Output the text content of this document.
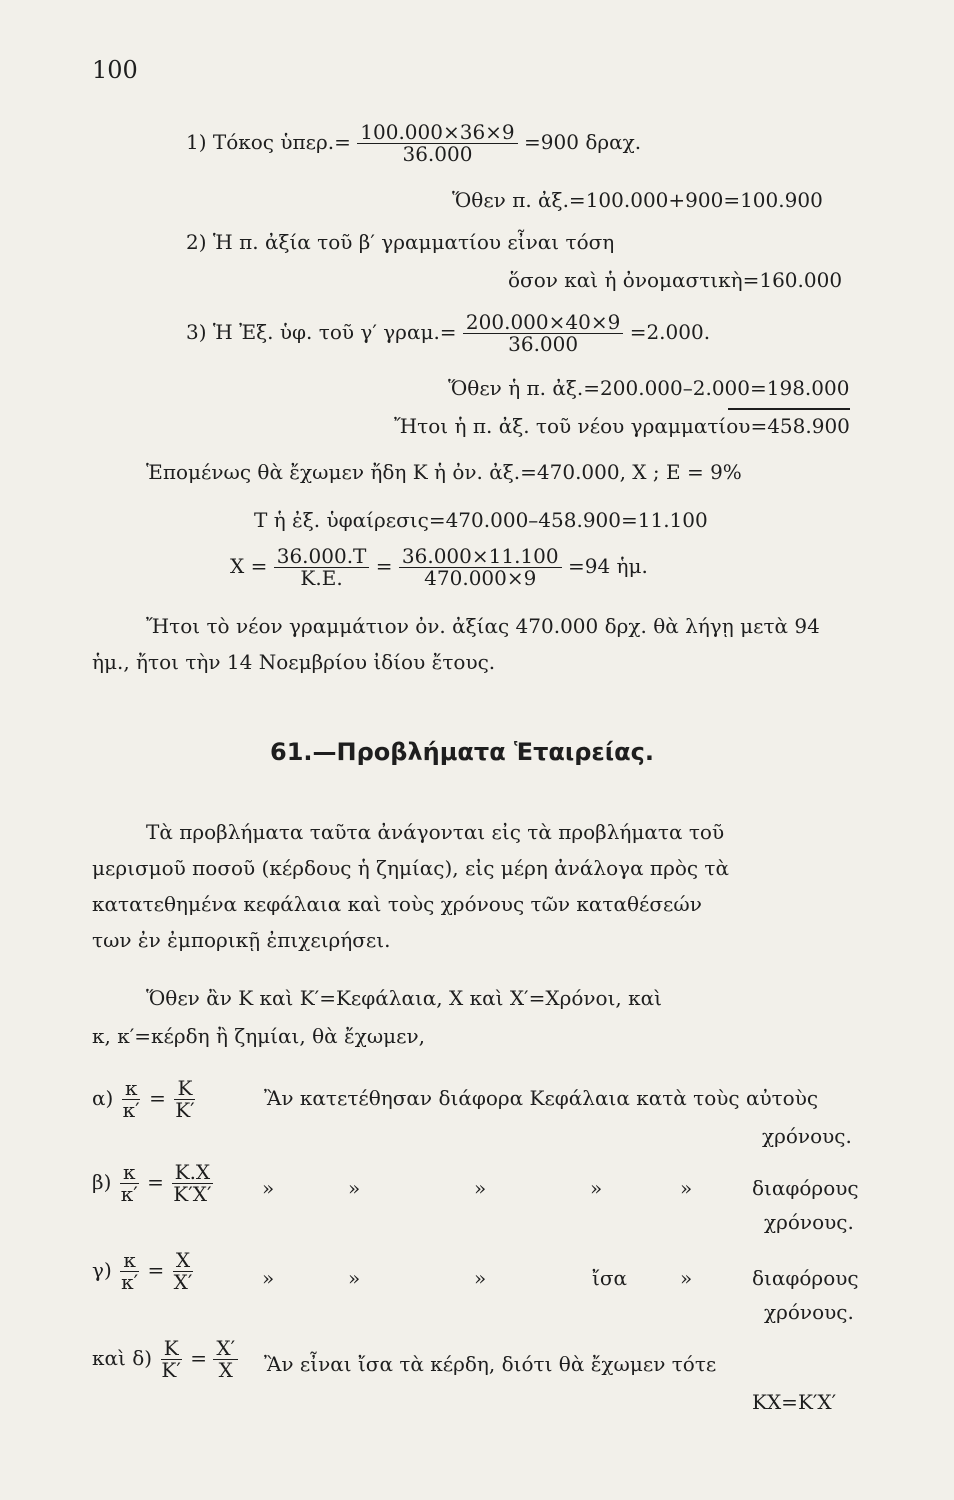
100
1) Τόκος ὑπερ.= $\frac{100.000\times 36\times 9}{36.000} =900$ δραχ.
Ὅθεν π. ἀξ.=100.000+900=100.900
2) Ἡ π. ἀξία τοῦ β′ γραμματίου εἶναι τόση
ὅσον καὶ ἡ ὀνομαστικὴ=160.000
3) Ἡ Ἐξ. ὑφ. τοῦ γ′ $\gamma\rho\alpha\mu.= \frac{200.000\times 40\times 9}{36.000} =2.000$.
Ὅθεν ἡ π. ἀξ.=200.000–2.000=198.000
Ἤτοι ἡ π. ἀξ. τοῦ νέου γραμματίου=458.900
Ἑπομένως θὰ ἔχωμεν ἤδη Κ ἡ ὀν. ἀξ.=470.000, Χ ; Ε = 9%
Τ ἡ ἐξ. ὑφαίρεσις=470.000–458.900=11.100
$X = \frac{36.000.T}{K.E.} = \frac{36.000\times 11.100}{470.000\times 9} =94$ ἡμ.
Ἤτοι τὸ νέον γραμμάτιον ὀν. ἀξίας 470.000 δρχ. θὰ λήγῃ μετὰ 94
ἡμ., ἤτοι τὴν 14 Νοεμβρίου ἰδίου ἔτους.
61.—Προβλήματα Ἑταιρείας.
Τὰ προβλήματα ταῦτα ἀνάγονται εἰς τὰ προβλήματα τοῦ
μερισμοῦ ποσοῦ (κέρδους ἡ ζημίας), εἰς μέρη ἀνάλογα πρὸς τὰ
κατατεθημένα κεφάλαια καὶ τοὺς χρόνους τῶν καταθέσεών
των ἐν ἐμπορικῇ ἐπιχειρήσει.
Ὅθεν ἂν Κ καὶ Κ′=Κεφάλαια, Χ καὶ Χ′=Χρόνοι, καὶ
κ, κ′=κέρδη ἢ ζημίαι, θὰ ἔχωμεν,
$\alpha) \frac{\kappa}{\kappa'} = \frac{K}{K'}$	Ἂν κατετέθησαν διάφορα Κεφάλαια κατὰ τοὺς αὐτοὺς
χρόνους.
$\beta) \frac{\kappa}{\kappa'} = \frac{K.X}{K'X'}$ »	»	»	»	»	διαφόρους
χρόνους.
$\gamma) \frac{\kappa}{\kappa'} = \frac{X}{X'}$	»	»	»	ἴσα	»	διαφόρους
χρόνους.
καὶ $\delta) \frac{K}{K'} = \frac{X'}{X}$ Ἂν εἶναι ἴσα τὰ κέρδη, διότι θὰ ἔχωμεν τότε
ΚΧ=Κ′Χ′
